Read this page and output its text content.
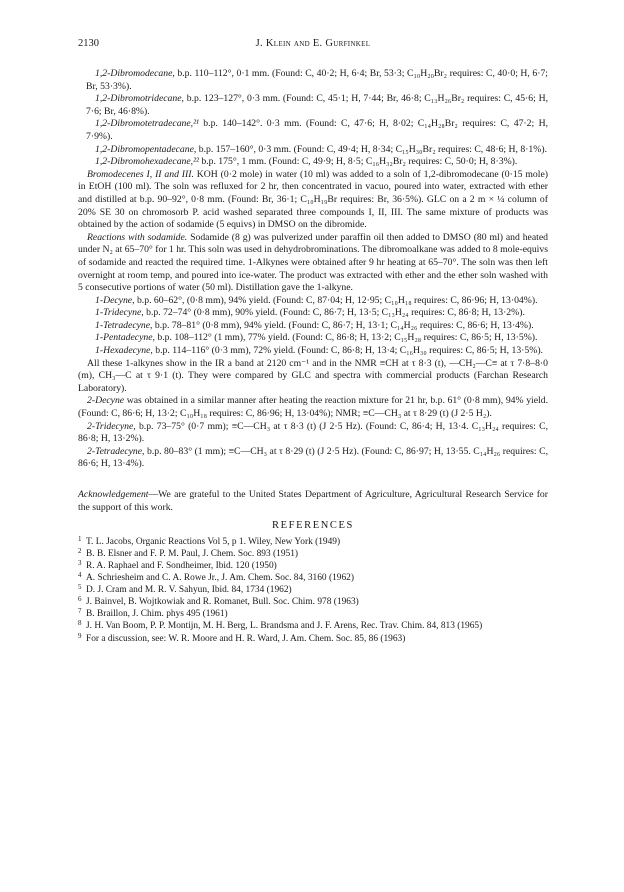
2130	J. Klein and E. Gurfinkel

1,2-Dibromodecane, b.p. 110–112°, 0·1 mm. (Found: C, 40·2; H, 6·4; Br, 53·3; C₁₀H₂₀Br₂ requires: C, 40·0; H, 6·7; Br, 53·3%).

1,2-Dibromotridecane, b.p. 123–127°, 0·3 mm. (Found: C, 45·1; H, 7·44; Br, 46·8; C₁₃H₂₆Br₂ requires: C, 45·6; H, 7·6; Br, 46·8%).

1,2-Dibromotetradecane,²¹ b.p. 140–142°. 0·3 mm. (Found: C, 47·6; H, 8·02; C₁₄H₂₈Br₂ requires: C, 47·2; H, 7·9%).

1,2-Dibromopentadecane, b.p. 157–160°, 0·3 mm. (Found: C, 49·4; H, 8·34; C₁₅H₃₀Br₂ requires: C, 48·6; H, 8·1%).

1,2-Dibromohexadecane,²² b.p. 175°, 1 mm. (Found: C, 49·9; H, 8·5; C₁₆H₃₂Br₂ requires: C, 50·0; H, 8·3%).

Bromodecenes I, II and III. KOH (0·2 mole) in water (10 ml) was added to a soln of 1,2-dibromodecane (0·15 mole) in EtOH (100 ml). The soln was refluxed for 2 hr, then concentrated in vacuo, poured into water, extracted with ether and distilled at b.p. 90–92°, 0·8 mm. (Found: Br, 36·1; C₁₀H₁₉Br requires: Br, 36·5%). GLC on a 2 m × ¼ column of 20% SE 30 on chromosorb P. acid washed separated three compounds I, II, III. The same mixture of products was obtained by the action of sodamide (5 equivs) in DMSO on the dibromide.

Reactions with sodamide. Sodamide (8 g) was pulverized under paraffin oil then added to DMSO (80 ml) and heated under N₂ at 65–70° for 1 hr. This soln was used in dehydrobrominations. The dibromoalkane was added to 8 mole-equivs of sodamide and reacted the required time. 1-Alkynes were obtained after 9 hr heating at 65–70°. The soln was then left overnight at room temp, and poured into ice-water. The product was extracted with ether and the ether soln washed with 5 consecutive portions of water (50 ml). Distillation gave the 1-alkyne.

1-Decyne, b.p. 60–62°, (0·8 mm), 94% yield. (Found: C, 87·04; H, 12·95; C₁₀H₁₈ requires: C, 86·96; H, 13·04%).

1-Tridecyne, b.p. 72–74° (0·8 mm), 90% yield. (Found: C, 86·7; H, 13·5; C₁₃H₂₄ requires: C, 86·8; H, 13·2%).

1-Tetradecyne, b.p. 78–81° (0·8 mm), 94% yield. (Found: C, 86·7; H, 13·1; C₁₄H₂₆ requires: C, 86·6; H, 13·4%).

1-Pentadecyne, b.p. 108–112° (1 mm), 77% yield. (Found: C, 86·8; H, 13·2; C₁₅H₂₈ requires: C, 86·5; H, 13·5%).

1-Hexadecyne, b.p. 114–116° (0·3 mm), 72% yield. (Found: C, 86·8; H, 13·4; C₁₆H₃₀ requires: C, 86·5; H, 13·5%).

All these 1-alkynes show in the IR a band at 2120 cm⁻¹ and in the NMR ≡CH at τ 8·3 (t), —CH₂—C≡ at τ 7·8–8·0 (m), CH₃—C at τ 9·1 (t). They were compared by GLC and spectra with commercial products (Farchan Research Laboratory).

2-Decyne was obtained in a similar manner after heating the reaction mixture for 21 hr, b.p. 61° (0·8 mm), 94% yield. (Found: C, 86·6; H, 13·2; C₁₀H₁₈ requires: C, 86·96; H, 13·04%); NMR; ≡C—CH₃ at τ 8·29 (t) (J 2·5 H₂).

2-Tridecyne, b.p. 73–75° (0·7 mm); ≡C—CH₃ at τ 8·3 (t) (J 2·5 Hz). (Found: C, 86·4; H, 13·4. C₁₃H₂₄ requires: C, 86·8; H, 13·2%).

2-Tetradecyne, b.p. 80–83° (1 mm); ≡C—CH₃ at τ 8·29 (t) (J 2·5 Hz). (Found: C, 86·97; H, 13·55. C₁₄H₂₆ requires: C, 86·6; H, 13·4%).

Acknowledgement—We are grateful to the United States Department of Agriculture, Agricultural Research Service for the support of this work.

REFERENCES
1 T. L. Jacobs, Organic Reactions Vol 5, p 1. Wiley, New York (1949)
2 B. B. Elsner and F. P. M. Paul, J. Chem. Soc. 893 (1951)
3 R. A. Raphael and F. Sondheimer, Ibid. 120 (1950)
4 A. Schriesheim and C. A. Rowe Jr., J. Am. Chem. Soc. 84, 3160 (1962)
5 D. J. Cram and M. R. V. Sahyun, Ibid. 84, 1734 (1962)
6 J. Bainvel, B. Wojtkowiak and R. Romanet, Bull. Soc. Chim. 978 (1963)
7 B. Braillon, J. Chim. phys 495 (1961)
8 J. H. Van Boom, P. P. Montijn, M. H. Berg, L. Brandsma and J. F. Arens, Rec. Trav. Chim. 84, 813 (1965)
9 For a discussion, see: W. R. Moore and H. R. Ward, J. Am. Chem. Soc. 85, 86 (1963)
